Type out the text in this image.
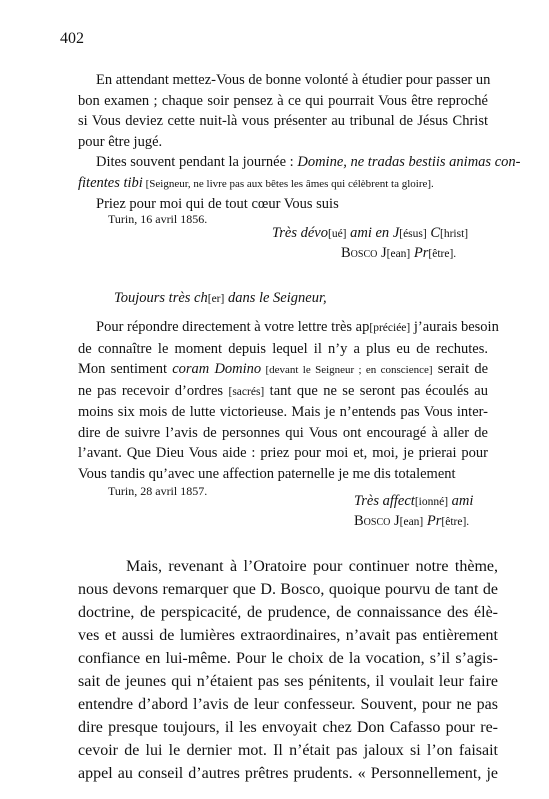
402
En attendant mettez-Vous de bonne volonté à étudier pour passer un
bon examen ; chaque soir pensez à ce qui pourrait Vous être reproché
si Vous deviez cette nuit-là vous présenter au tribunal de Jésus Christ
pour être jugé.
Dites souvent pendant la journée : Domine, ne tradas bestiis animas con-
fitentes tibi [Seigneur, ne livre pas aux bêtes les âmes qui célèbrent ta gloire].
Priez pour moi qui de tout cœur Vous suis
Turin, 16 avril 1856.
Très dévo[ué] ami en J[ésus] C[hrist]
Bosco J[ean] Pr[être].
Toujours très ch[er] dans le Seigneur,
Pour répondre directement à votre lettre très ap[préciée] j’aurais besoin
de connaître le moment depuis lequel il n’y a plus eu de rechutes.
Mon sentiment coram Domino [devant le Seigneur ; en conscience] serait de
ne pas recevoir d’ordres [sacrés] tant que ne se seront pas écoulés au
moins six mois de lutte victorieuse. Mais je n’entends pas Vous inter-
dire de suivre l’avis de personnes qui Vous ont encouragé à aller de
l’avant. Que Dieu Vous aide : priez pour moi et, moi, je prierai pour
Vous tandis qu’avec une affection paternelle je me dis totalement
Turin, 28 avril 1857.
Très affect[ionné] ami
Bosco J[ean] Pr[être].
Mais, revenant à l’Oratoire pour continuer notre thème,
nous devons remarquer que D. Bosco, quoique pourvu de tant de
doctrine, de perspicacité, de prudence, de connaissance des élè-
ves et aussi de lumières extraordinaires, n’avait pas entièrement
confiance en lui-même. Pour le choix de la vocation, s’il s’agis-
sait de jeunes qui n’étaient pas ses pénitents, il voulait leur faire
entendre d’abord l’avis de leur confesseur. Souvent, pour ne pas
dire presque toujours, il les envoyait chez Don Cafasso pour re-
cevoir de lui le dernier mot. Il n’était pas jaloux si l’on faisait
appel au conseil d’autres prêtres prudents. « Personnellement, je
